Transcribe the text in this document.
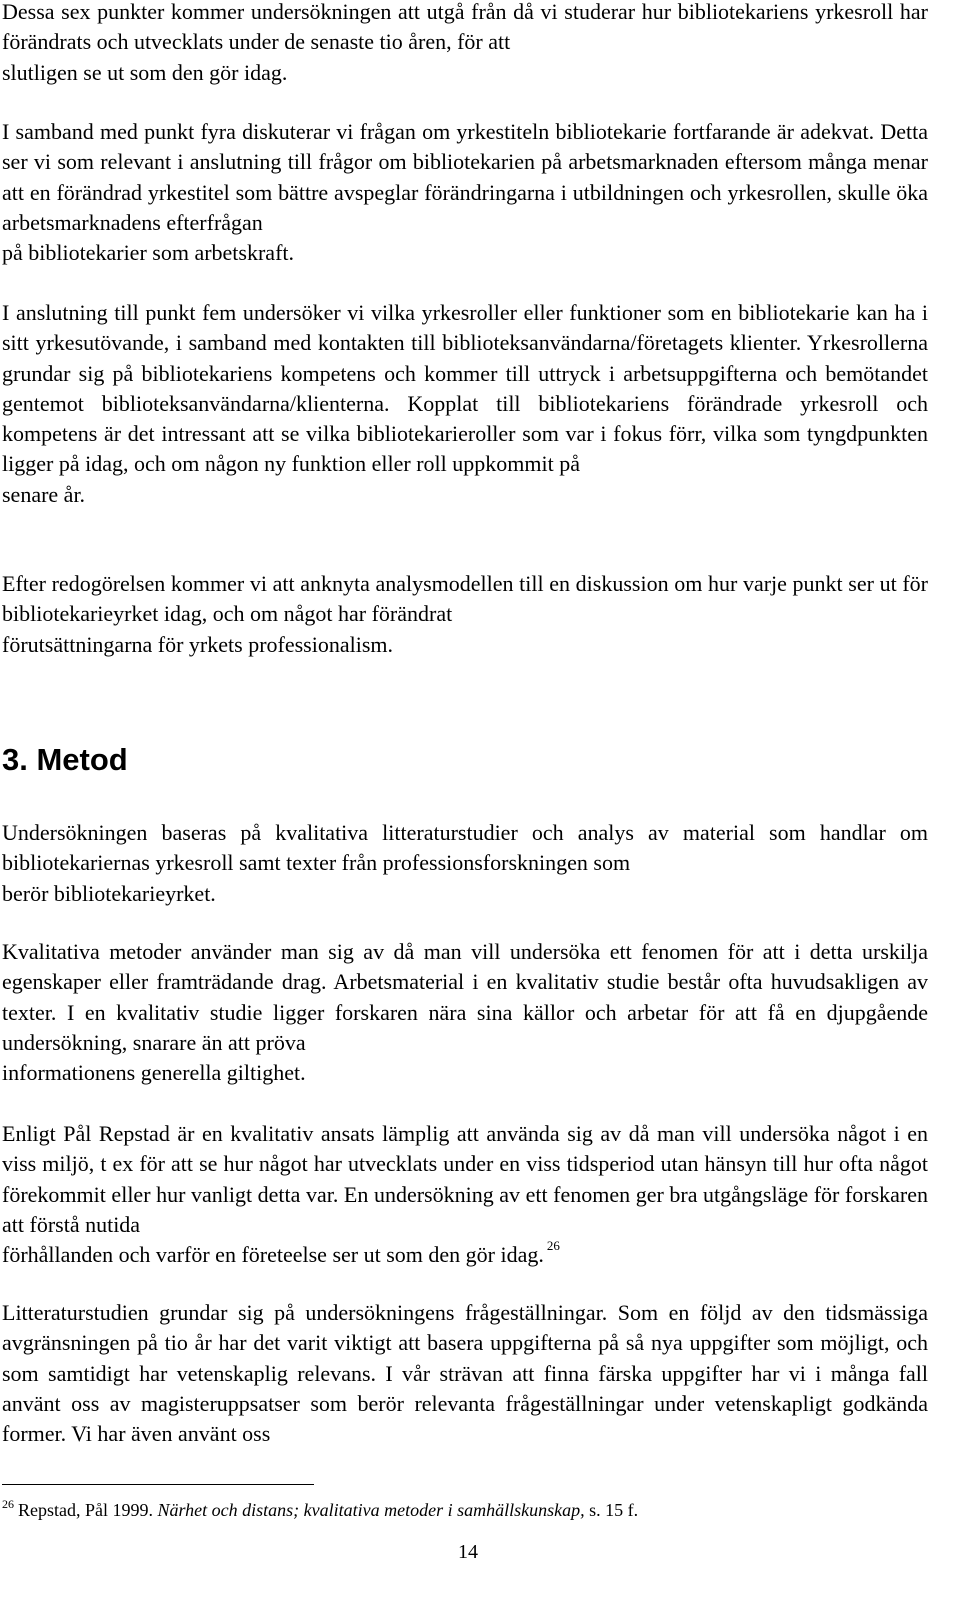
Dessa sex punkter kommer undersökningen att utgå från då vi studerar hur bibliotekariens yrkesroll har förändrats och utvecklats under de senaste tio åren, för att
slutligen se ut som den gör idag.

I samband med punkt fyra diskuterar vi frågan om yrkestiteln bibliotekarie fortfarande är adekvat. Detta ser vi som relevant i anslutning till frågor om bibliotekarien på arbetsmarknaden eftersom många menar att en förändrad yrkestitel som bättre avspeglar förändringarna i utbildningen och yrkesrollen, skulle öka arbetsmarknadens efterfrågan
på bibliotekarier som arbetskraft.

I anslutning till punkt fem undersöker vi vilka yrkesroller eller funktioner som en bibliotekarie kan ha i sitt yrkesutövande, i samband med kontakten till biblioteksanvändarna/företagets klienter. Yrkesrollerna grundar sig på bibliotekariens kompetens och kommer till uttryck i arbetsuppgifterna och bemötandet gentemot biblioteksanvändarna/klienterna. Kopplat till bibliotekariens förändrade yrkesroll och kompetens är det intressant att se vilka bibliotekarieroller som var i fokus förr, vilka som tyngdpunkten ligger på idag, och om någon ny funktion eller roll uppkommit på
senare år.

Efter redogörelsen kommer vi att anknyta analysmodellen till en diskussion om hur varje punkt ser ut för bibliotekarieyrket idag, och om något har förändrat
förutsättningarna för yrkets professionalism.

3. Metod

Undersökningen baseras på kvalitativa litteraturstudier och analys av material som handlar om bibliotekariernas yrkesroll samt texter från professionsforskningen som
berör bibliotekarieyrket.

Kvalitativa metoder använder man sig av då man vill undersöka ett fenomen för att i detta urskilja egenskaper eller framträdande drag. Arbetsmaterial i en kvalitativ studie består ofta huvudsakligen av texter. I en kvalitativ studie ligger forskaren nära sina källor och arbetar för att få en djupgående undersökning, snarare än att pröva
informationens generella giltighet.

Enligt Pål Repstad är en kvalitativ ansats lämplig att använda sig av då man vill undersöka något i en viss miljö, t ex för att se hur något har utvecklats under en viss tidsperiod utan hänsyn till hur ofta något förekommit eller hur vanligt detta var. En undersökning av ett fenomen ger bra utgångsläge för forskaren att förstå nutida
förhållanden och varför en företeelse ser ut som den gör idag. $^{26}$

Litteraturstudien grundar sig på undersökningens frågeställningar. Som en följd av den tidsmässiga avgränsningen på tio år har det varit viktigt att basera uppgifterna på så nya uppgifter som möjligt, och som samtidigt har vetenskaplig relevans. I vår strävan att finna färska uppgifter har vi i många fall använt oss av magisteruppsatser som berör relevanta frågeställningar under vetenskapligt godkända former. Vi har även använt oss

$^{26}$ Repstad, Pål 1999. Närhet och distans; kvalitativa metoder i samhällskunskap, s. 15 f.

14
